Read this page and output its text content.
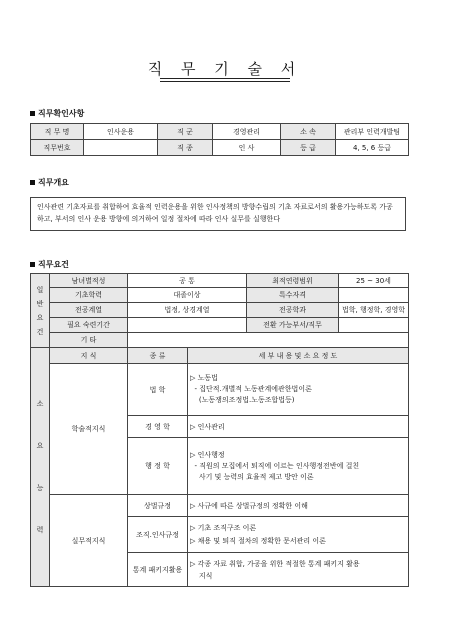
직 무 기 술 서
직무확인사항
직 무 명	인사운용	직 군	경영관리	소 속	관리부 인력개발팀
직무번호		직 종	인 사	등 급	4, 5, 6 등급
직무개요
인사관련 기초자료를 취합하여 효율적 인력운용을 위한 인사정책의 방향수립의 기초 자료로서의 활용가능하도록 가공하고, 부서의 인사 운용 방향에 의거하여 일정 절차에 따라 인사 실무를 실행한다
직무요건
일
반
요
건	남녀별적성	공 통		최적연령범위	25 ~ 30세
	기초학력	대졸이상		특수자격	
	전공계열	법정, 상경계열		전공학과	법학, 행정학, 경영학
	필요 숙련기간			전환 가능부서/직무	
	기 타				
소

요

능

력	지 식	종 류	세 부 내 용 및 소 요 정 도		
	학술적지식	법 학	▷ 노동법
- 집단적.개별적 노동관계에관한법이론
(노동쟁의조정법.노동조합법등)		

		경 영 학	▷ 인사관리		
		행 정 학	▷ 인사행정
- 직원의 모집에서 퇴직에 이르는 인사행정전반에 걸친
사기 및 능력의 효율적 제고 방안 이론		

	실무적지식	상벌규정	▷ 사규에 따른 상벌규정의 정확한 이해		
		조직.인사규정	▷ 기초 조직구조 이론
▷ 채용 및 퇴직 절차의 정확한 문서관리 이론		

		통계 패키지활용	▷ 각종 자료 취합, 가공을 위한 적절한 통계 패키지 활용
지식		
